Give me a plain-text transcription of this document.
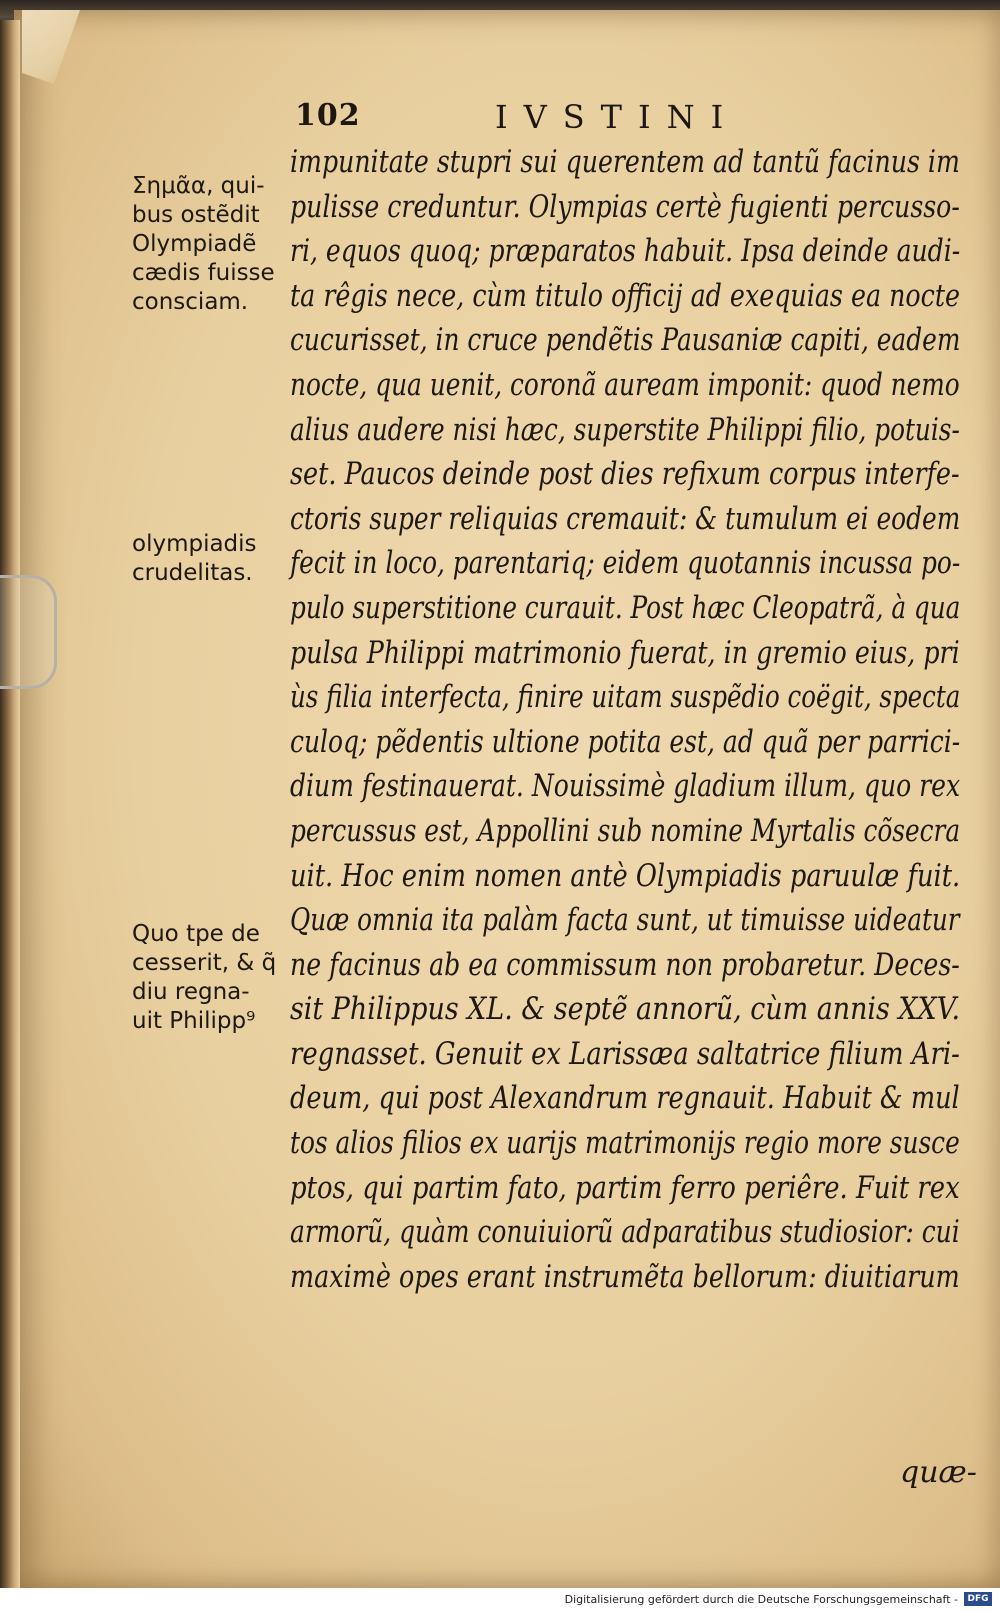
102	IVSTINI
Σημᾶα, qui-
bus ostẽdit
Olympiadẽ
cædis fuisse
consciam.
olympiadis
crudelitas.
Quo tpe de
cesserit, & q̃
diu regna-
uit Philipp⁹
impunitate stupri sui querentem ad tantũ facinus im
pulisse creduntur. Olympias certè fugienti percusso-
ri, equos quoq; præparatos habuit. Ipsa deinde audi-
ta rêgis nece, cùm titulo officij ad exequias ea nocte
cucurisset, in cruce pendẽtis Pausaniæ capiti, eadem
nocte, qua uenit, coronã auream imponit: quod nemo
alius audere nisi hæc, superstite Philippi filio, potuis-
set. Paucos deinde post dies refixum corpus interfe-
ctoris super reliquias cremauit: & tumulum ei eodem
fecit in loco, parentariq; eidem quotannis incussa po-
pulo superstitione curauit. Post hæc Cleopatrã, à qua
pulsa Philippi matrimonio fuerat, in gremio eius, pri
ùs filia interfecta, finire uitam suspẽdio coëgit, specta
culoq; pẽdentis ultione potita est, ad quã per parrici-
dium festinauerat. Nouissimè gladium illum, quo rex
percussus est, Appollini sub nomine Myrtalis cõsecra
uit. Hoc enim nomen antè Olympiadis paruulæ fuit.
Quæ omnia ita palàm facta sunt, ut timuisse uideatur
ne facinus ab ea commissum non probaretur. Deces-
sit Philippus XL. & septẽ annorũ, cùm annis XXV.
regnasset. Genuit ex Larissæa saltatrice filium Ari-
deum, qui post Alexandrum regnauit. Habuit & mul
tos alios filios ex uarijs matrimonijs regio more susce
ptos, qui partim fato, partim ferro periêre. Fuit rex
armorũ, quàm conuiuiorũ adparatibus studiosior: cui
maximè opes erant instrumẽta bellorum: diuitiarum
quæ-
Digitalisierung gefördert durch die Deutsche Forschungsgemeinschaft -	DFG
